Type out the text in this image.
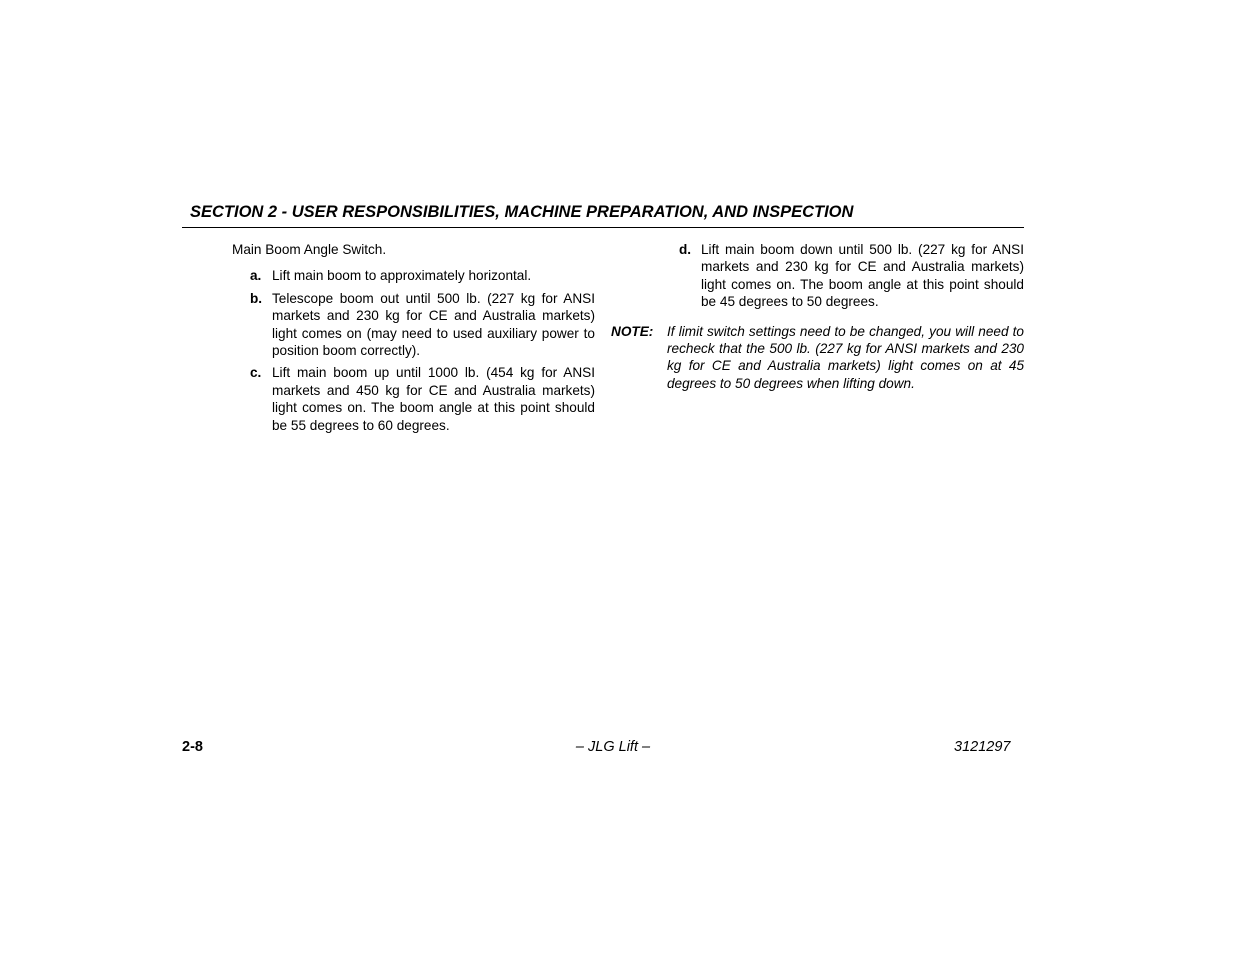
SECTION 2 - USER RESPONSIBILITIES, MACHINE PREPARATION, AND INSPECTION

Main Boom Angle Switch.

a. Lift main boom to approximately horizontal.
b. Telescope boom out until 500 lb. (227 kg for ANSI markets and 230 kg for CE and Australia markets) light comes on (may need to used auxiliary power to position boom correctly).
c. Lift main boom up until 1000 lb. (454 kg for ANSI markets and 450 kg for CE and Australia markets) light comes on. The boom angle at this point should be 55 degrees to 60 degrees.
d. Lift main boom down until 500 lb. (227 kg for ANSI markets and 230 kg for CE and Australia markets) light comes on. The boom angle at this point should be 45 degrees to 50 degrees.
NOTE:	If limit switch settings need to be changed, you will need to recheck that the 500 lb. (227 kg for ANSI markets and 230 kg for CE and Australia markets) light comes on at 45 degrees to 50 degrees when lifting down.
2-8	– JLG Lift –	3121297
